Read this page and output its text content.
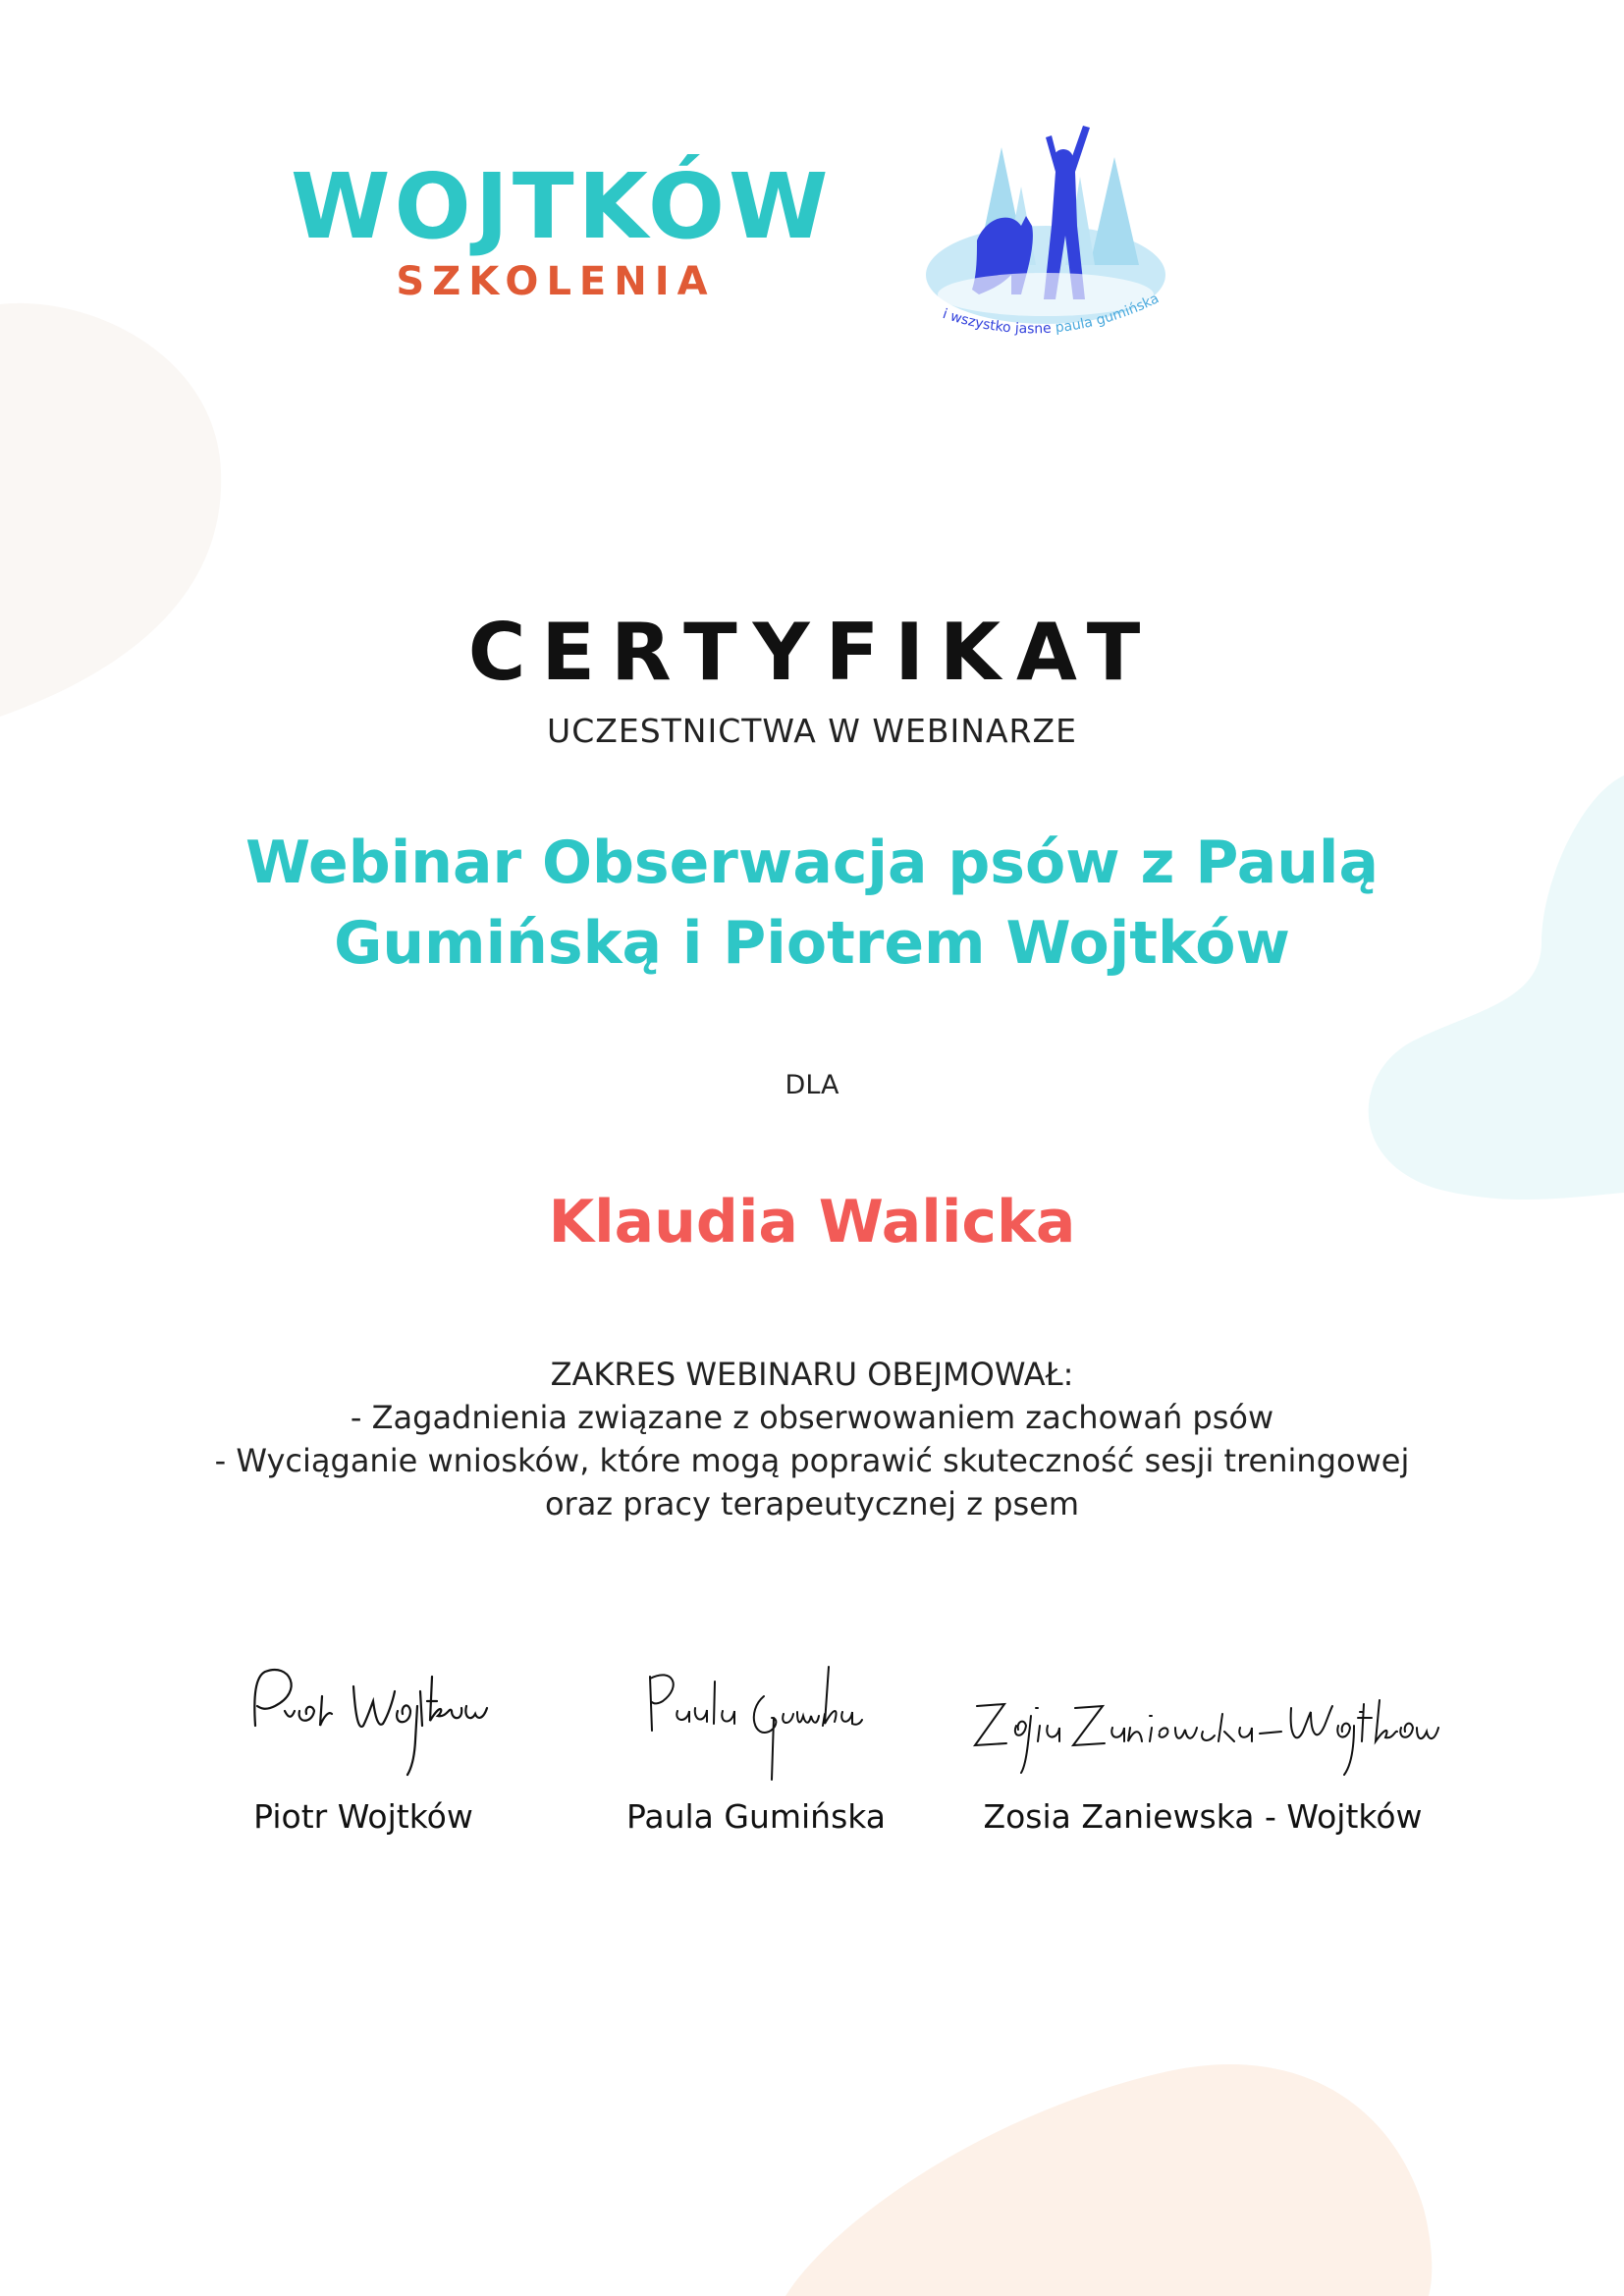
WOJTKÓW
SZKOLENIA
i wszystko jasne paula gumińska
CERTYFIKAT
UCZESTNICTWA W WEBINARZE
Webinar Obserwacja psów z Paulą
Gumińską i Piotrem Wojtków
DLA
Klaudia Walicka
ZAKRES WEBINARU OBEJMOWAŁ:
- Zagadnienia związane z obserwowaniem zachowań psów
- Wyciąganie wniosków, które mogą poprawić skuteczność sesji treningowej
oraz pracy terapeutycznej z psem
Piotr Wojtków	Paula Gumińska	Zosia Zaniewska - Wojtków
